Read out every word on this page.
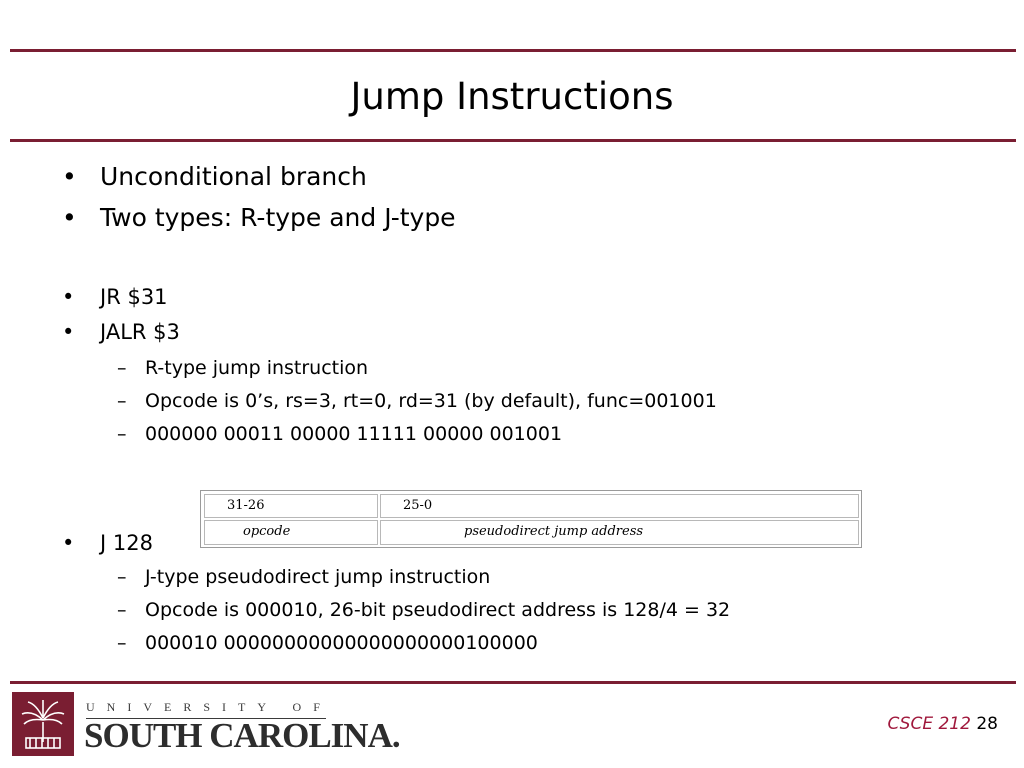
Jump Instructions
• Unconditional branch
• Two types: R-type and J-type
• JR $31
• JALR $3
– R-type jump instruction
– Opcode is 0’s, rs=3, rt=0, rd=31 (by default), func=001001
– 000000 00011 00000 11111 00000 001001
31-26	25-0
opcode	pseudodirect jump address
• J 128
– J-type pseudodirect jump instruction
– Opcode is 000010, 26-bit pseudodirect address is 128/4 = 32
– 000010 00000000000000000000100000
UNIVERSITY OF
SOUTH CAROLINA.	CSCE 212 28
